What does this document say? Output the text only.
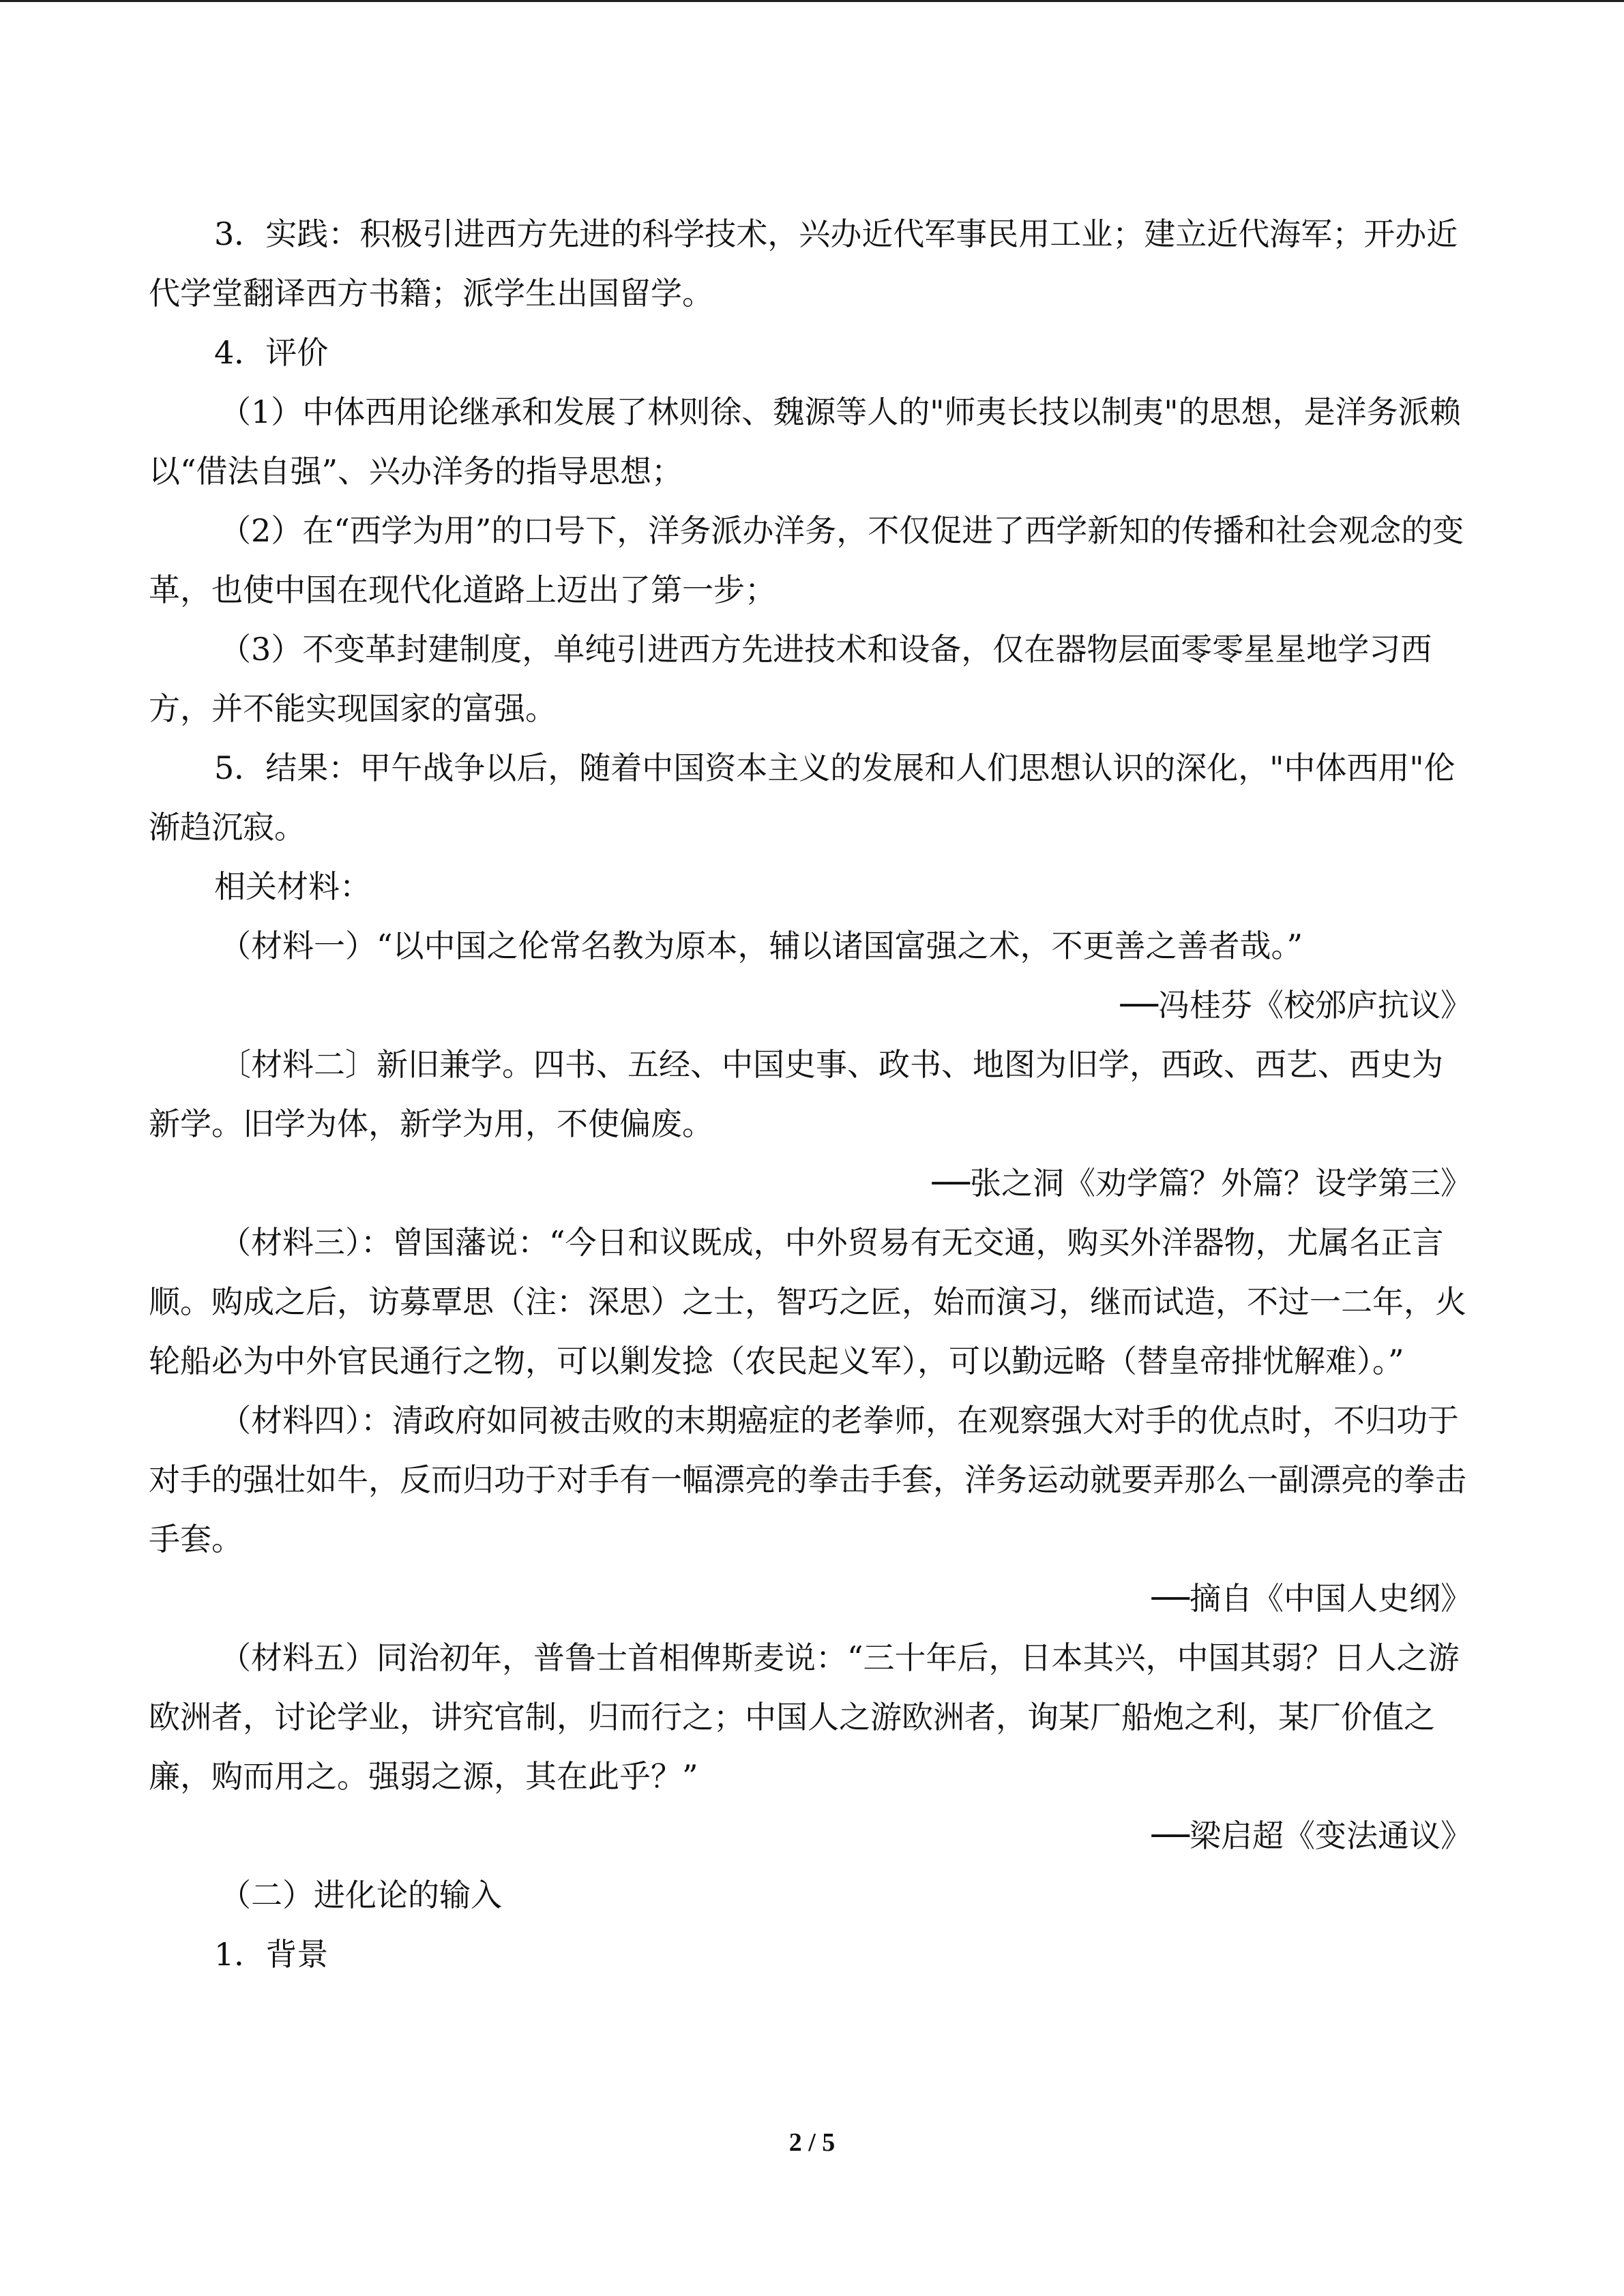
3．实践：积极引进西方先进的科学技术，兴办近代军事民用工业；建立近代海军；开办近代学堂翻译西方书籍；派学生出国留学。

4．评价

（1）中体西用论继承和发展了林则徐、魏源等人的"师夷长技以制夷"的思想，是洋务派赖以“借法自强”、兴办洋务的指导思想；

（2）在“西学为用”的口号下，洋务派办洋务，不仅促进了西学新知的传播和社会观念的变革，也使中国在现代化道路上迈出了第一步；

（3）不变革封建制度，单纯引进西方先进技术和设备，仅在器物层面零零星星地学习西方，并不能实现国家的富强。

5．结果：甲午战争以后，随着中国资本主义的发展和人们思想认识的深化，"中体西用"伦渐趋沉寂。

相关材料：

（材料一）“以中国之伦常名教为原本，辅以诸国富强之术，不更善之善者哉。”

──冯桂芬《校邠庐抗议》

〔材料二〕新旧兼学。四书、五经、中国史事、政书、地图为旧学，西政、西艺、西史为新学。旧学为体，新学为用，不使偏废。

──张之洞《劝学篇？外篇？设学第三》

（材料三）：曾国藩说：“今日和议既成，中外贸易有无交通，购买外洋器物，尤属名正言顺。购成之后，访募覃思（注：深思）之士，智巧之匠，始而演习，继而试造，不过一二年，火轮船必为中外官民通行之物，可以剿发捻（农民起义军），可以勤远略（替皇帝排忧解难）。”

（材料四）：清政府如同被击败的末期癌症的老拳师，在观察强大对手的优点时，不归功于对手的强壮如牛，反而归功于对手有一幅漂亮的拳击手套，洋务运动就要弄那么一副漂亮的拳击手套。

──摘自《中国人史纲》

（材料五）同治初年，普鲁士首相俾斯麦说：“三十年后，日本其兴，中国其弱？日人之游欧洲者，讨论学业，讲究官制，归而行之；中国人之游欧洲者，询某厂船炮之利，某厂价值之廉，购而用之。强弱之源，其在此乎？”

──梁启超《变法通议》

（二）进化论的输入

1．背景

2 / 5
